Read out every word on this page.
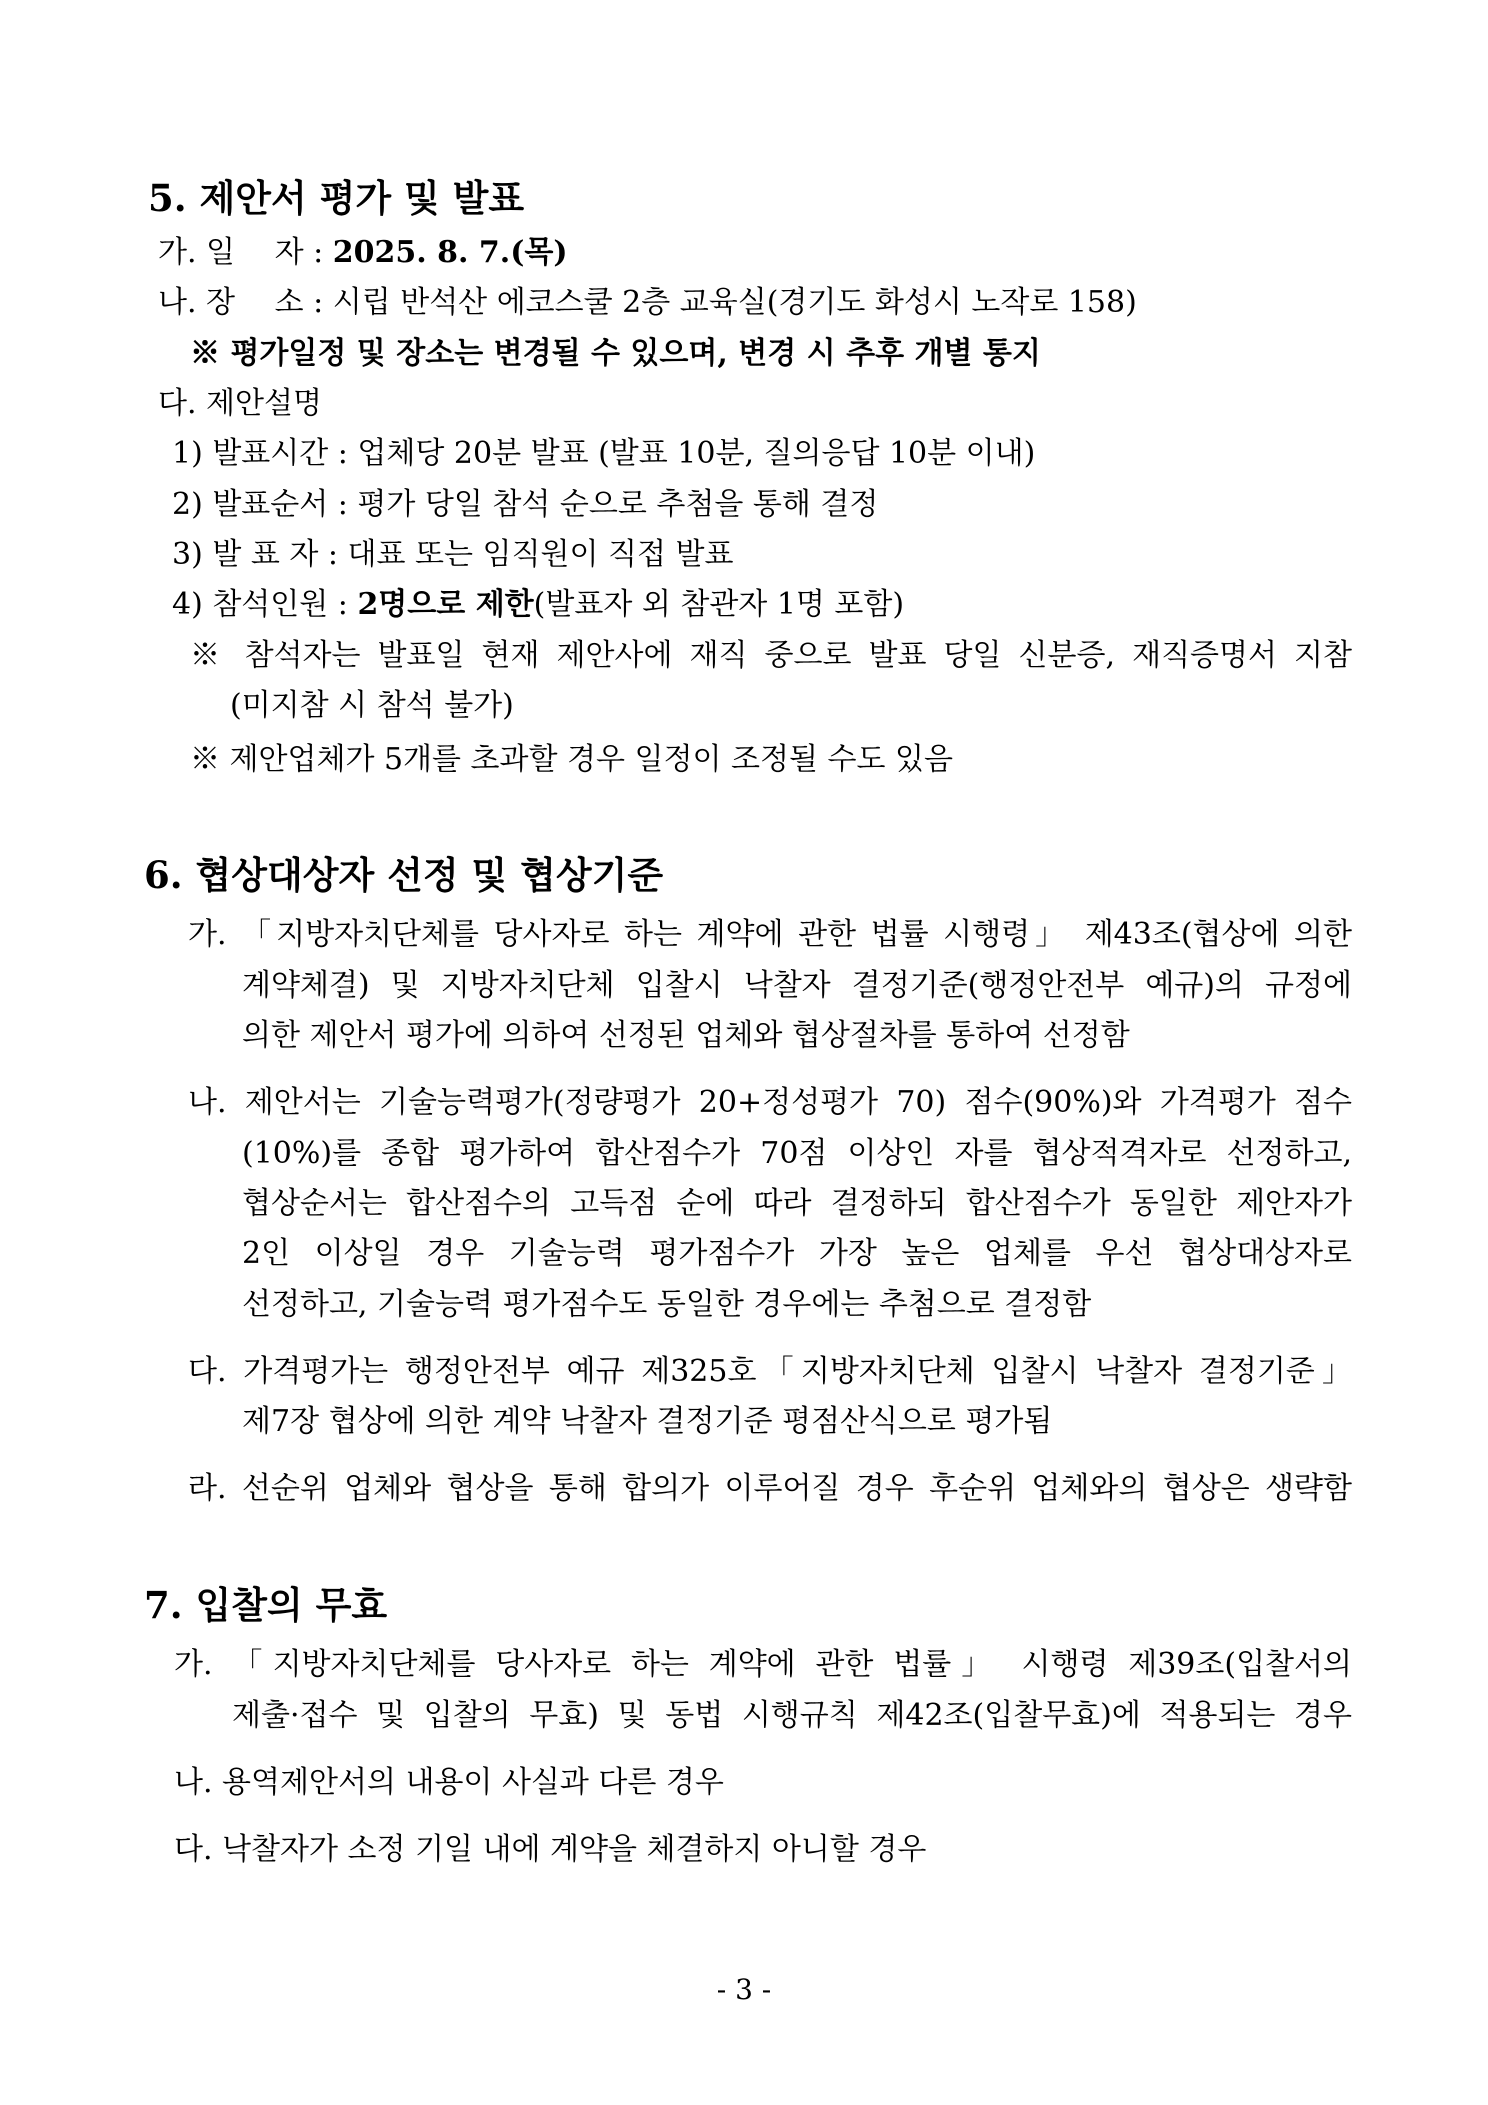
5. 제안서 평가 및 발표
가. 일　 자 : 2025. 8. 7.(목)
나. 장　 소 : 시립 반석산 에코스쿨 2층 교육실(경기도 화성시 노작로 158)
※ 평가일정 및 장소는 변경될 수 있으며, 변경 시 추후 개별 통지
다. 제안설명
1) 발표시간 : 업체당 20분 발표 (발표 10분, 질의응답 10분 이내)
2) 발표순서 : 평가 당일 참석 순으로 추첨을 통해 결정
3) 발 표 자 : 대표 또는 임직원이 직접 발표
4) 참석인원 : 2명으로 제한(발표자 외 참관자 1명 포함)
※ 참석자는 발표일 현재 제안사에 재직 중으로 발표 당일 신분증, 재직증명서 지참
(미지참 시 참석 불가)
※ 제안업체가 5개를 초과할 경우 일정이 조정될 수도 있음
6. 협상대상자 선정 및 협상기준
가. 「지방자치단체를 당사자로 하는 계약에 관한 법률 시행령」 제43조(협상에 의한
계약체결) 및 지방자치단체 입찰시 낙찰자 결정기준(행정안전부 예규)의 규정에
의한 제안서 평가에 의하여 선정된 업체와 협상절차를 통하여 선정함
나. 제안서는 기술능력평가(정량평가 20+정성평가 70) 점수(90%)와 가격평가 점수
(10%)를 종합 평가하여 합산점수가 70점 이상인 자를 협상적격자로 선정하고,
협상순서는 합산점수의 고득점 순에 따라 결정하되 합산점수가 동일한 제안자가
2인 이상일 경우 기술능력 평가점수가 가장 높은 업체를 우선 협상대상자로
선정하고, 기술능력 평가점수도 동일한 경우에는 추첨으로 결정함
다. 가격평가는 행정안전부 예규 제325호「지방자치단체 입찰시 낙찰자 결정기준」
제7장 협상에 의한 계약 낙찰자 결정기준 평점산식으로 평가됨
라. 선순위 업체와 협상을 통해 합의가 이루어질 경우 후순위 업체와의 협상은 생략함
7. 입찰의 무효
가. 「지방자치단체를 당사자로 하는 계약에 관한 법률」 시행령 제39조(입찰서의
제출·접수 및 입찰의 무효) 및 동법 시행규칙 제42조(입찰무효)에 적용되는 경우
나. 용역제안서의 내용이 사실과 다른 경우
다. 낙찰자가 소정 기일 내에 계약을 체결하지 아니할 경우
- 3 -
